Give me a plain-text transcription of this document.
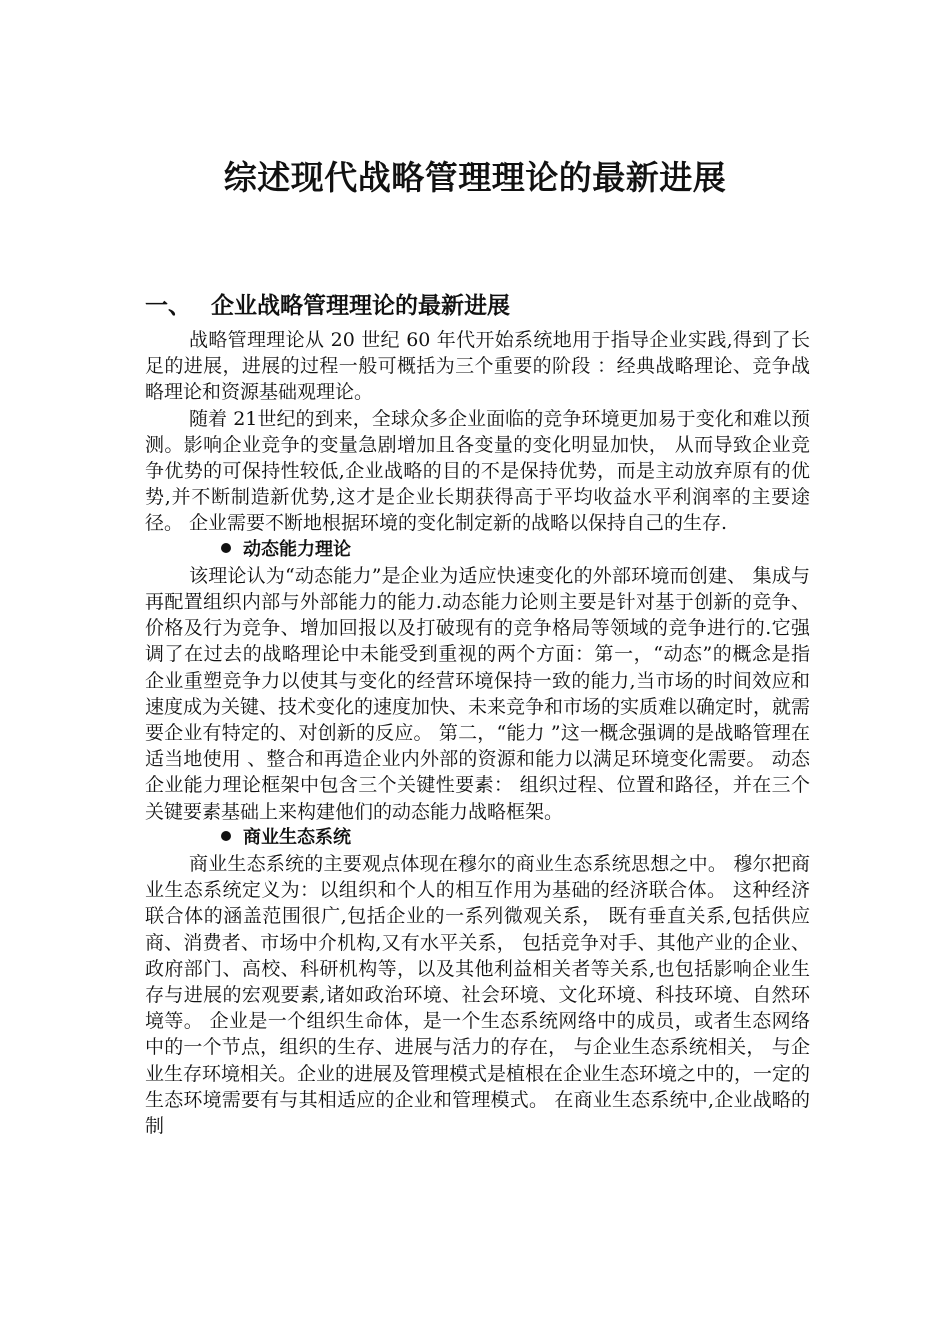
综述现代战略管理理论的最新进展
一、 企业战略管理理论的最新进展

战略管理理论从 20 世纪 60 年代开始系统地用于指导企业实践,得到了长足的进展，进展的过程一般可概括为三个重要的阶段 ：经典战略理论、竞争战略理论和资源基础观理论。

随着 21世纪的到来，全球众多企业面临的竞争环境更加易于变化和难以预测。影响企业竞争的变量急剧增加且各变量的变化明显加快， 从而导致企业竞争优势的可保持性较低,企业战略的目的不是保持优势，而是主动放弃原有的优势,并不断制造新优势,这才是企业长期获得高于平均收益水平利润率的主要途径。 企业需要不断地根据环境的变化制定新的战略以保持自己的生存.

动态能力理论

该理论认为“动态能力”是企业为适应快速变化的外部环境而创建、 集成与再配置组织内部与外部能力的能力.动态能力论则主要是针对基于创新的竞争、价格及行为竞争、增加回报以及打破现有的竞争格局等领域的竞争进行的.它强调了在过去的战略理论中未能受到重视的两个方面：第一，“动态”的概念是指企业重塑竞争力以使其与变化的经营环境保持一致的能力,当市场的时间效应和速度成为关键、技术变化的速度加快、未来竞争和市场的实质难以确定时，就需要企业有特定的、对创新的反应。 第二，“能力 ”这一概念强调的是战略管理在适当地使用 、整合和再造企业内外部的资源和能力以满足环境变化需要。 动态企业能力理论框架中包含三个关键性要素： 组织过程、位置和路径，并在三个关键要素基础上来构建他们的动态能力战略框架。

商业生态系统

商业生态系统的主要观点体现在穆尔的商业生态系统思想之中。 穆尔把商业生态系统定义为：以组织和个人的相互作用为基础的经济联合体。 这种经济联合体的涵盖范围很广,包括企业的一系列微观关系， 既有垂直关系,包括供应商、消费者、市场中介机构,又有水平关系， 包括竞争对手、其他产业的企业、政府部门、高校、科研机构等，以及其他利益相关者等关系,也包括影响企业生存与进展的宏观要素,诸如政治环境、社会环境、文化环境、科技环境、自然环境等。 企业是一个组织生命体，是一个生态系统网络中的成员，或者生态网络中的一个节点，组织的生存、进展与活力的存在， 与企业生态系统相关， 与企业生存环境相关。企业的进展及管理模式是植根在企业生态环境之中的，一定的生态环境需要有与其相适应的企业和管理模式。 在商业生态系统中,企业战略的制
